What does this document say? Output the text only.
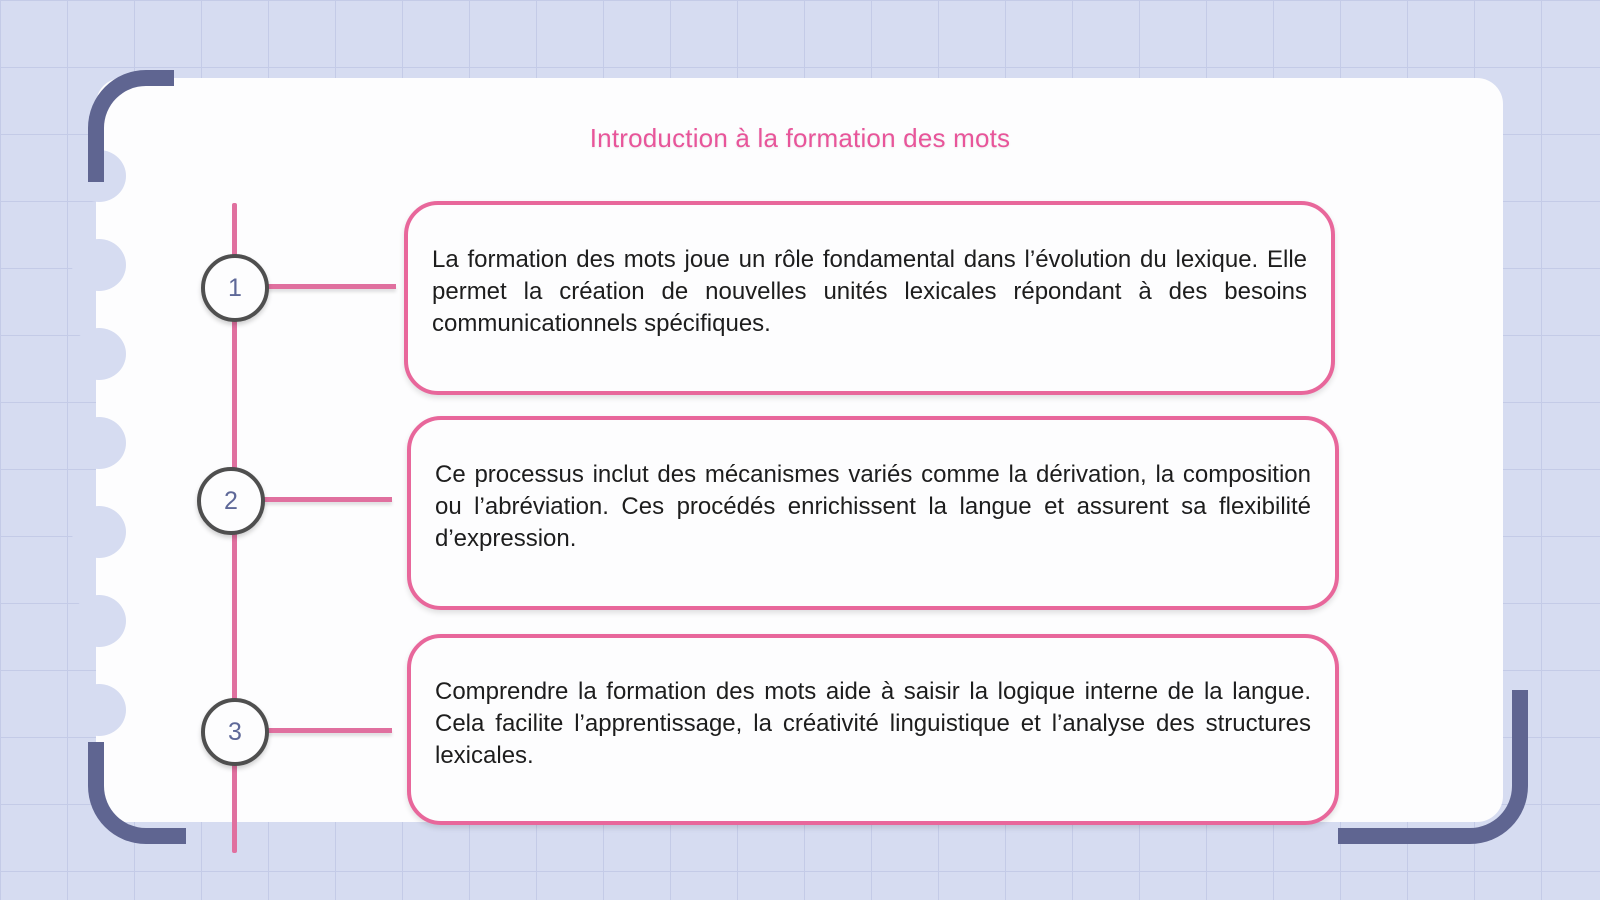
Introduction à la formation des mots
1

La formation des mots joue un rôle fondamental dans l’évolution du lexique. Elle permet la création de nouvelles unités lexicales répondant à des besoins communicationnels spécifiques.

2

Ce processus inclut des mécanismes variés comme la dérivation, la composition ou l’abréviation. Ces procédés enrichissent la langue et assurent sa flexibilité d’expression.

3

Comprendre la formation des mots aide à saisir la logique interne de la langue. Cela facilite l’apprentissage, la créativité linguistique et l’analyse des structures lexicales.
